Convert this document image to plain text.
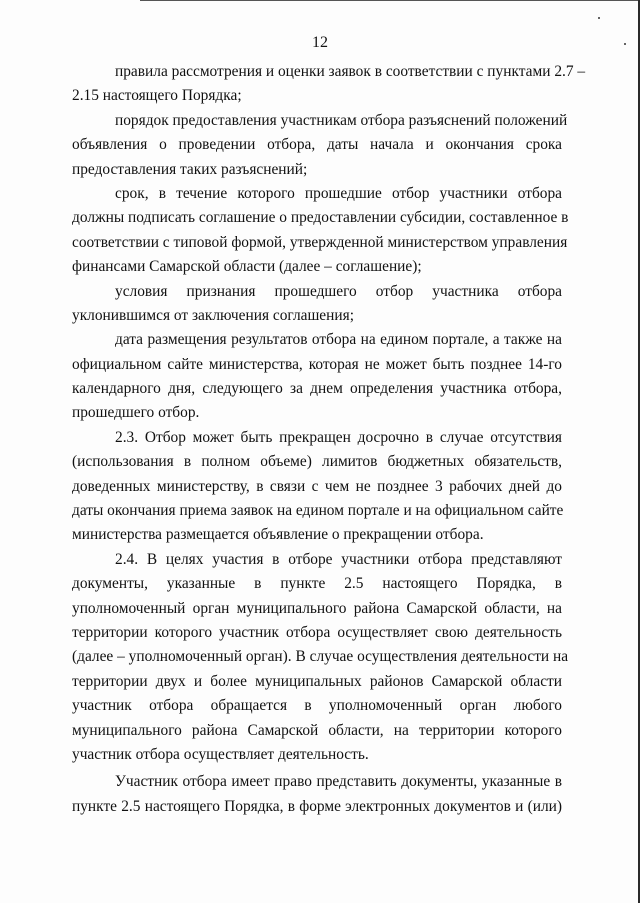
12
правила рассмотрения и оценки заявок в соответствии с пунктами 2.7 –
2.15 настоящего Порядка;
порядок предоставления участникам отбора разъяснений положений
объявления о проведении отбора, даты начала и окончания срока
предоставления таких разъяснений;
срок, в течение которого прошедшие отбор участники отбора
должны подписать соглашение о предоставлении субсидии, составленное в
соответствии с типовой формой, утвержденной министерством управления
финансами Самарской области (далее – соглашение);
условия признания прошедшего отбор участника отбора
уклонившимся от заключения соглашения;
дата размещения результатов отбора на едином портале, а также на
официальном сайте министерства, которая не может быть позднее 14-го
календарного дня, следующего за днем определения участника отбора,
прошедшего отбор.
2.3. Отбор может быть прекращен досрочно в случае отсутствия
(использования в полном объеме) лимитов бюджетных обязательств,
доведенных министерству, в связи с чем не позднее 3 рабочих дней до
даты окончания приема заявок на едином портале и на официальном сайте
министерства размещается объявление о прекращении отбора.
2.4. В целях участия в отборе участники отбора представляют
документы, указанные в пункте 2.5 настоящего Порядка, в
уполномоченный орган муниципального района Самарской области, на
территории которого участник отбора осуществляет свою деятельность
(далее – уполномоченный орган). В случае осуществления деятельности на
территории двух и более муниципальных районов Самарской области
участник отбора обращается в уполномоченный орган любого
муниципального района Самарской области, на территории которого
участник отбора осуществляет деятельность.
Участник отбора имеет право представить документы, указанные в
пункте 2.5 настоящего Порядка, в форме электронных документов и (или)
